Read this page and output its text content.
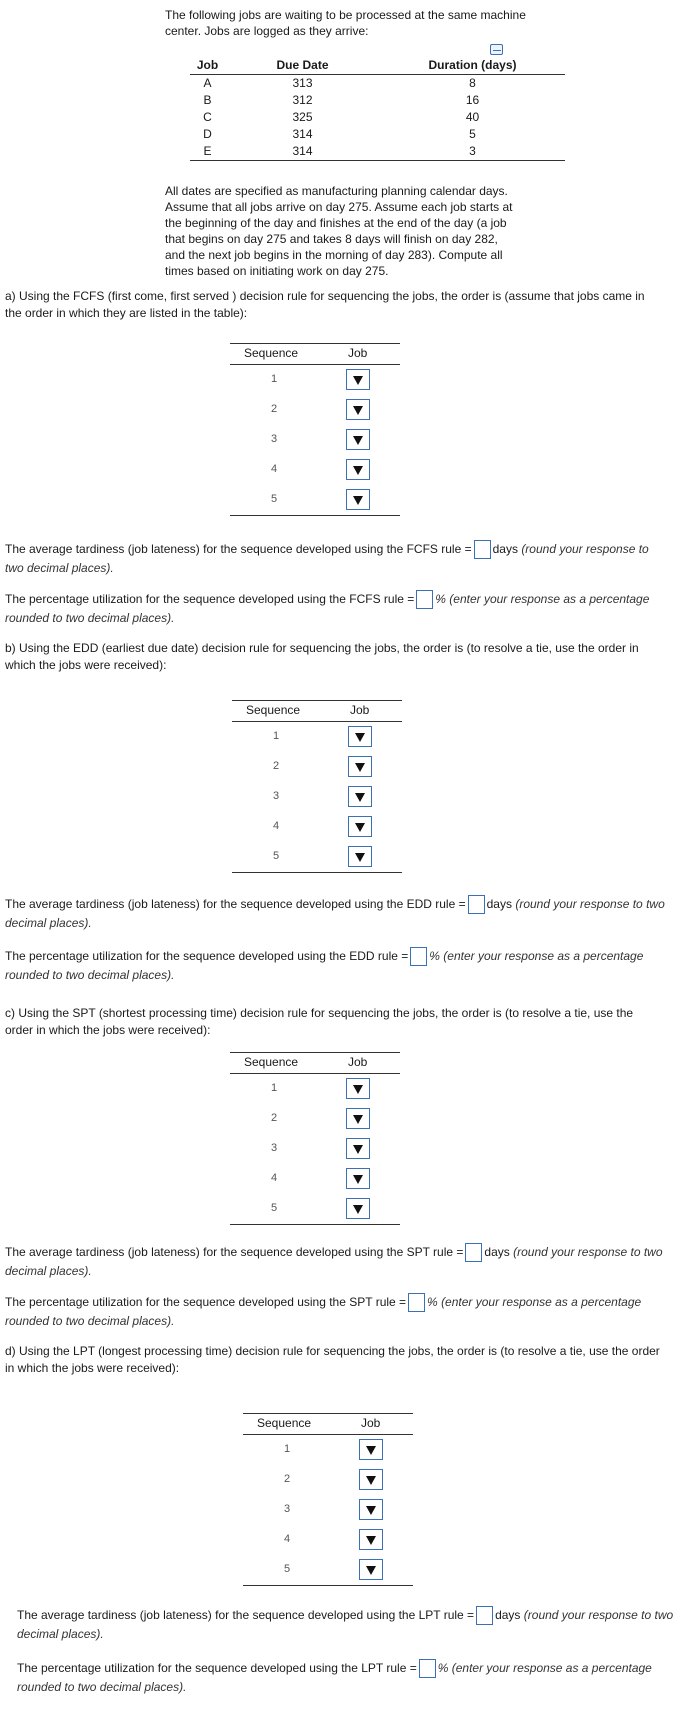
The following jobs are waiting to be processed at the same machine center. Jobs are logged as they arrive:
Job	Due Date	Duration (days)
A	313	8
B	312	16
C	325	40
D	314	5
E	314	3
All dates are specified as manufacturing planning calendar days. Assume that all jobs arrive on day 275. Assume each job starts at the beginning of the day and finishes at the end of the day (a job that begins on day 275 and takes 8 days will finish on day 282, and the next job begins in the morning of day 283). Compute all times based on initiating work on day 275.
a) Using the FCFS (first come, first served ) decision rule for sequencing the jobs, the order is (assume that jobs came in the order in which they are listed in the table):
Sequence	Job
1
2
3
4
5
The average tardiness (job lateness) for the sequence developed using the FCFS rule = days (round your response to two decimal places).
The percentage utilization for the sequence developed using the FCFS rule = % (enter your response as a percentage rounded to two decimal places).
b) Using the EDD (earliest due date) decision rule for sequencing the jobs, the order is (to resolve a tie, use the order in which the jobs were received):
Sequence	Job
1
2
3
4
5
The average tardiness (job lateness) for the sequence developed using the EDD rule = days (round your response to two decimal places).
The percentage utilization for the sequence developed using the EDD rule = % (enter your response as a percentage rounded to two decimal places).
c) Using the SPT (shortest processing time) decision rule for sequencing the jobs, the order is (to resolve a tie, use the order in which the jobs were received):
Sequence	Job
1
2
3
4
5
The average tardiness (job lateness) for the sequence developed using the SPT rule = days (round your response to two decimal places).
The percentage utilization for the sequence developed using the SPT rule = % (enter your response as a percentage rounded to two decimal places).
d) Using the LPT (longest processing time) decision rule for sequencing the jobs, the order is (to resolve a tie, use the order in which the jobs were received):
Sequence	Job
1
2
3
4
5
The average tardiness (job lateness) for the sequence developed using the LPT rule = days (round your response to two decimal places).
The percentage utilization for the sequence developed using the LPT rule = % (enter your response as a percentage rounded to two decimal places).
